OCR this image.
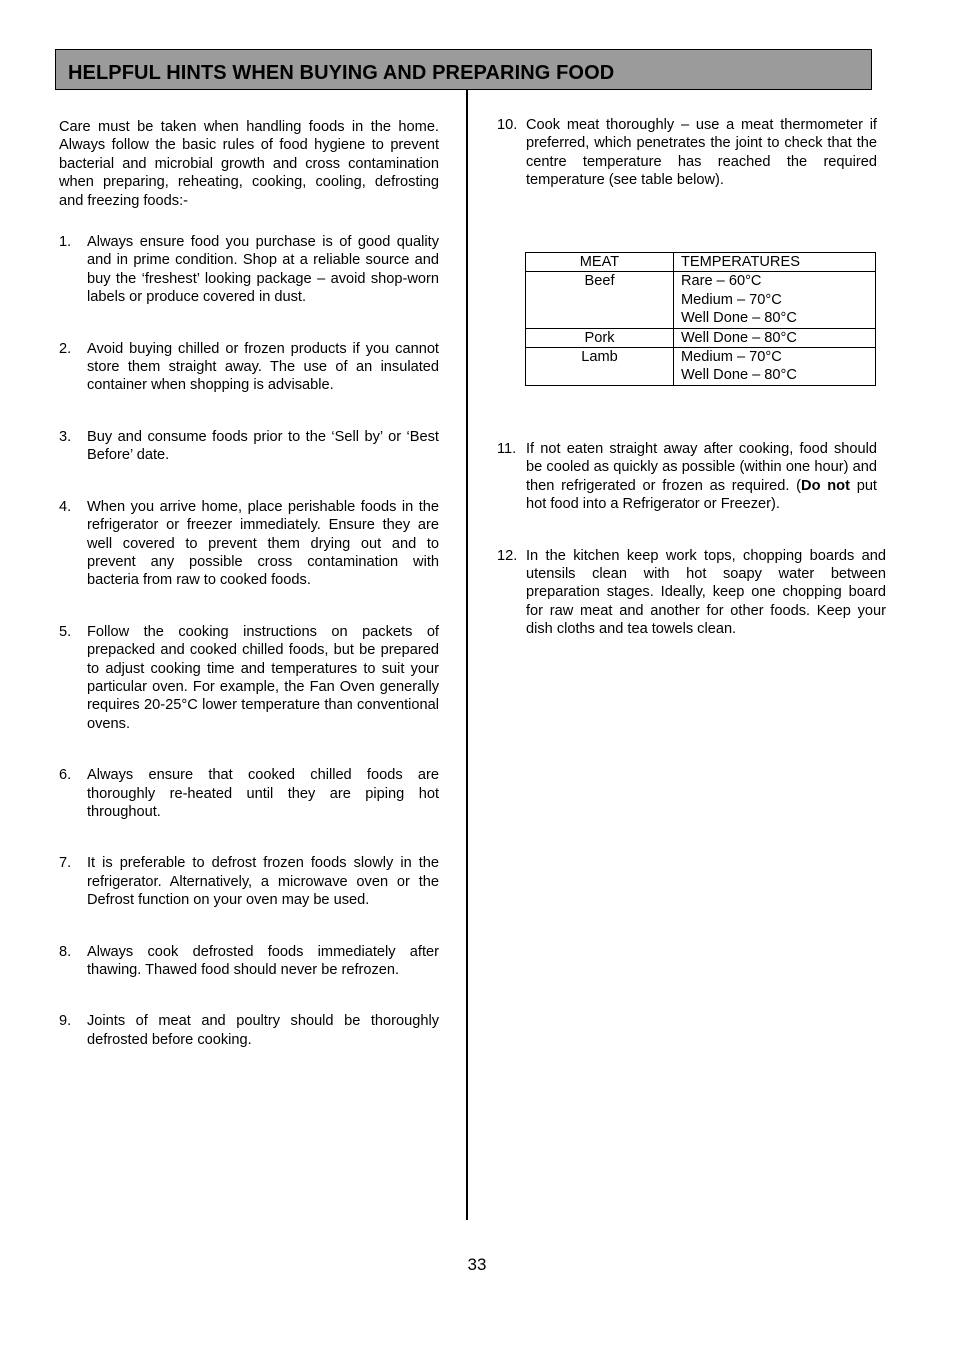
HELPFUL HINTS WHEN BUYING AND PREPARING FOOD

Care must be taken when handling foods in the home. Always follow the basic rules of food hygiene to prevent bacterial and microbial growth and cross contamination when preparing, reheating, cooking, cooling, defrosting and freezing foods:-

1.	Always ensure food you purchase is of good quality and in prime condition. Shop at a reliable source and buy the ‘freshest’ looking package – avoid shop-worn labels or produce covered in dust.
2.	Avoid buying chilled or frozen products if you cannot store them straight away. The use of an insulated container when shopping is advisable.
3.	Buy and consume foods prior to the ‘Sell by’ or ‘Best Before’ date.
4.	When you arrive home, place perishable foods in the refrigerator or freezer immediately. Ensure they are well covered to prevent them drying out and to prevent any possible cross contamination with bacteria from raw to cooked foods.
5.	Follow the cooking instructions on packets of prepacked and cooked chilled foods, but be prepared to adjust cooking time and temperatures to suit your particular oven. For example, the Fan Oven generally requires 20-25°C lower temperature than conventional ovens.
6.	Always ensure that cooked chilled foods are thoroughly re-heated until they are piping hot throughout.
7.	It is preferable to defrost frozen foods slowly in the refrigerator. Alternatively, a microwave oven or the Defrost function on your oven may be used.
8.	Always cook defrosted foods immediately after thawing. Thawed food should never be refrozen.
9.	Joints of meat and poultry should be thoroughly defrosted before cooking.
10. Cook meat thoroughly – use a meat thermometer if preferred, which penetrates the joint to check that the centre temperature has reached the required temperature (see table below).
MEAT	TEMPERATURES
Beef	Rare – 60°C
Medium – 70°C
Well Done – 80°C

Pork	Well Done – 80°C

Lamb	Medium – 70°C
Well Done – 80°C
11. If not eaten straight away after cooking, food should be cooled as quickly as possible (within one hour) and then refrigerated or frozen as required. (Do not put hot food into a Refrigerator or Freezer).
12. In the kitchen keep work tops, chopping boards and utensils clean with hot soapy water between preparation stages. Ideally, keep one chopping board for raw meat and another for other foods. Keep your dish cloths and tea towels clean.
33
